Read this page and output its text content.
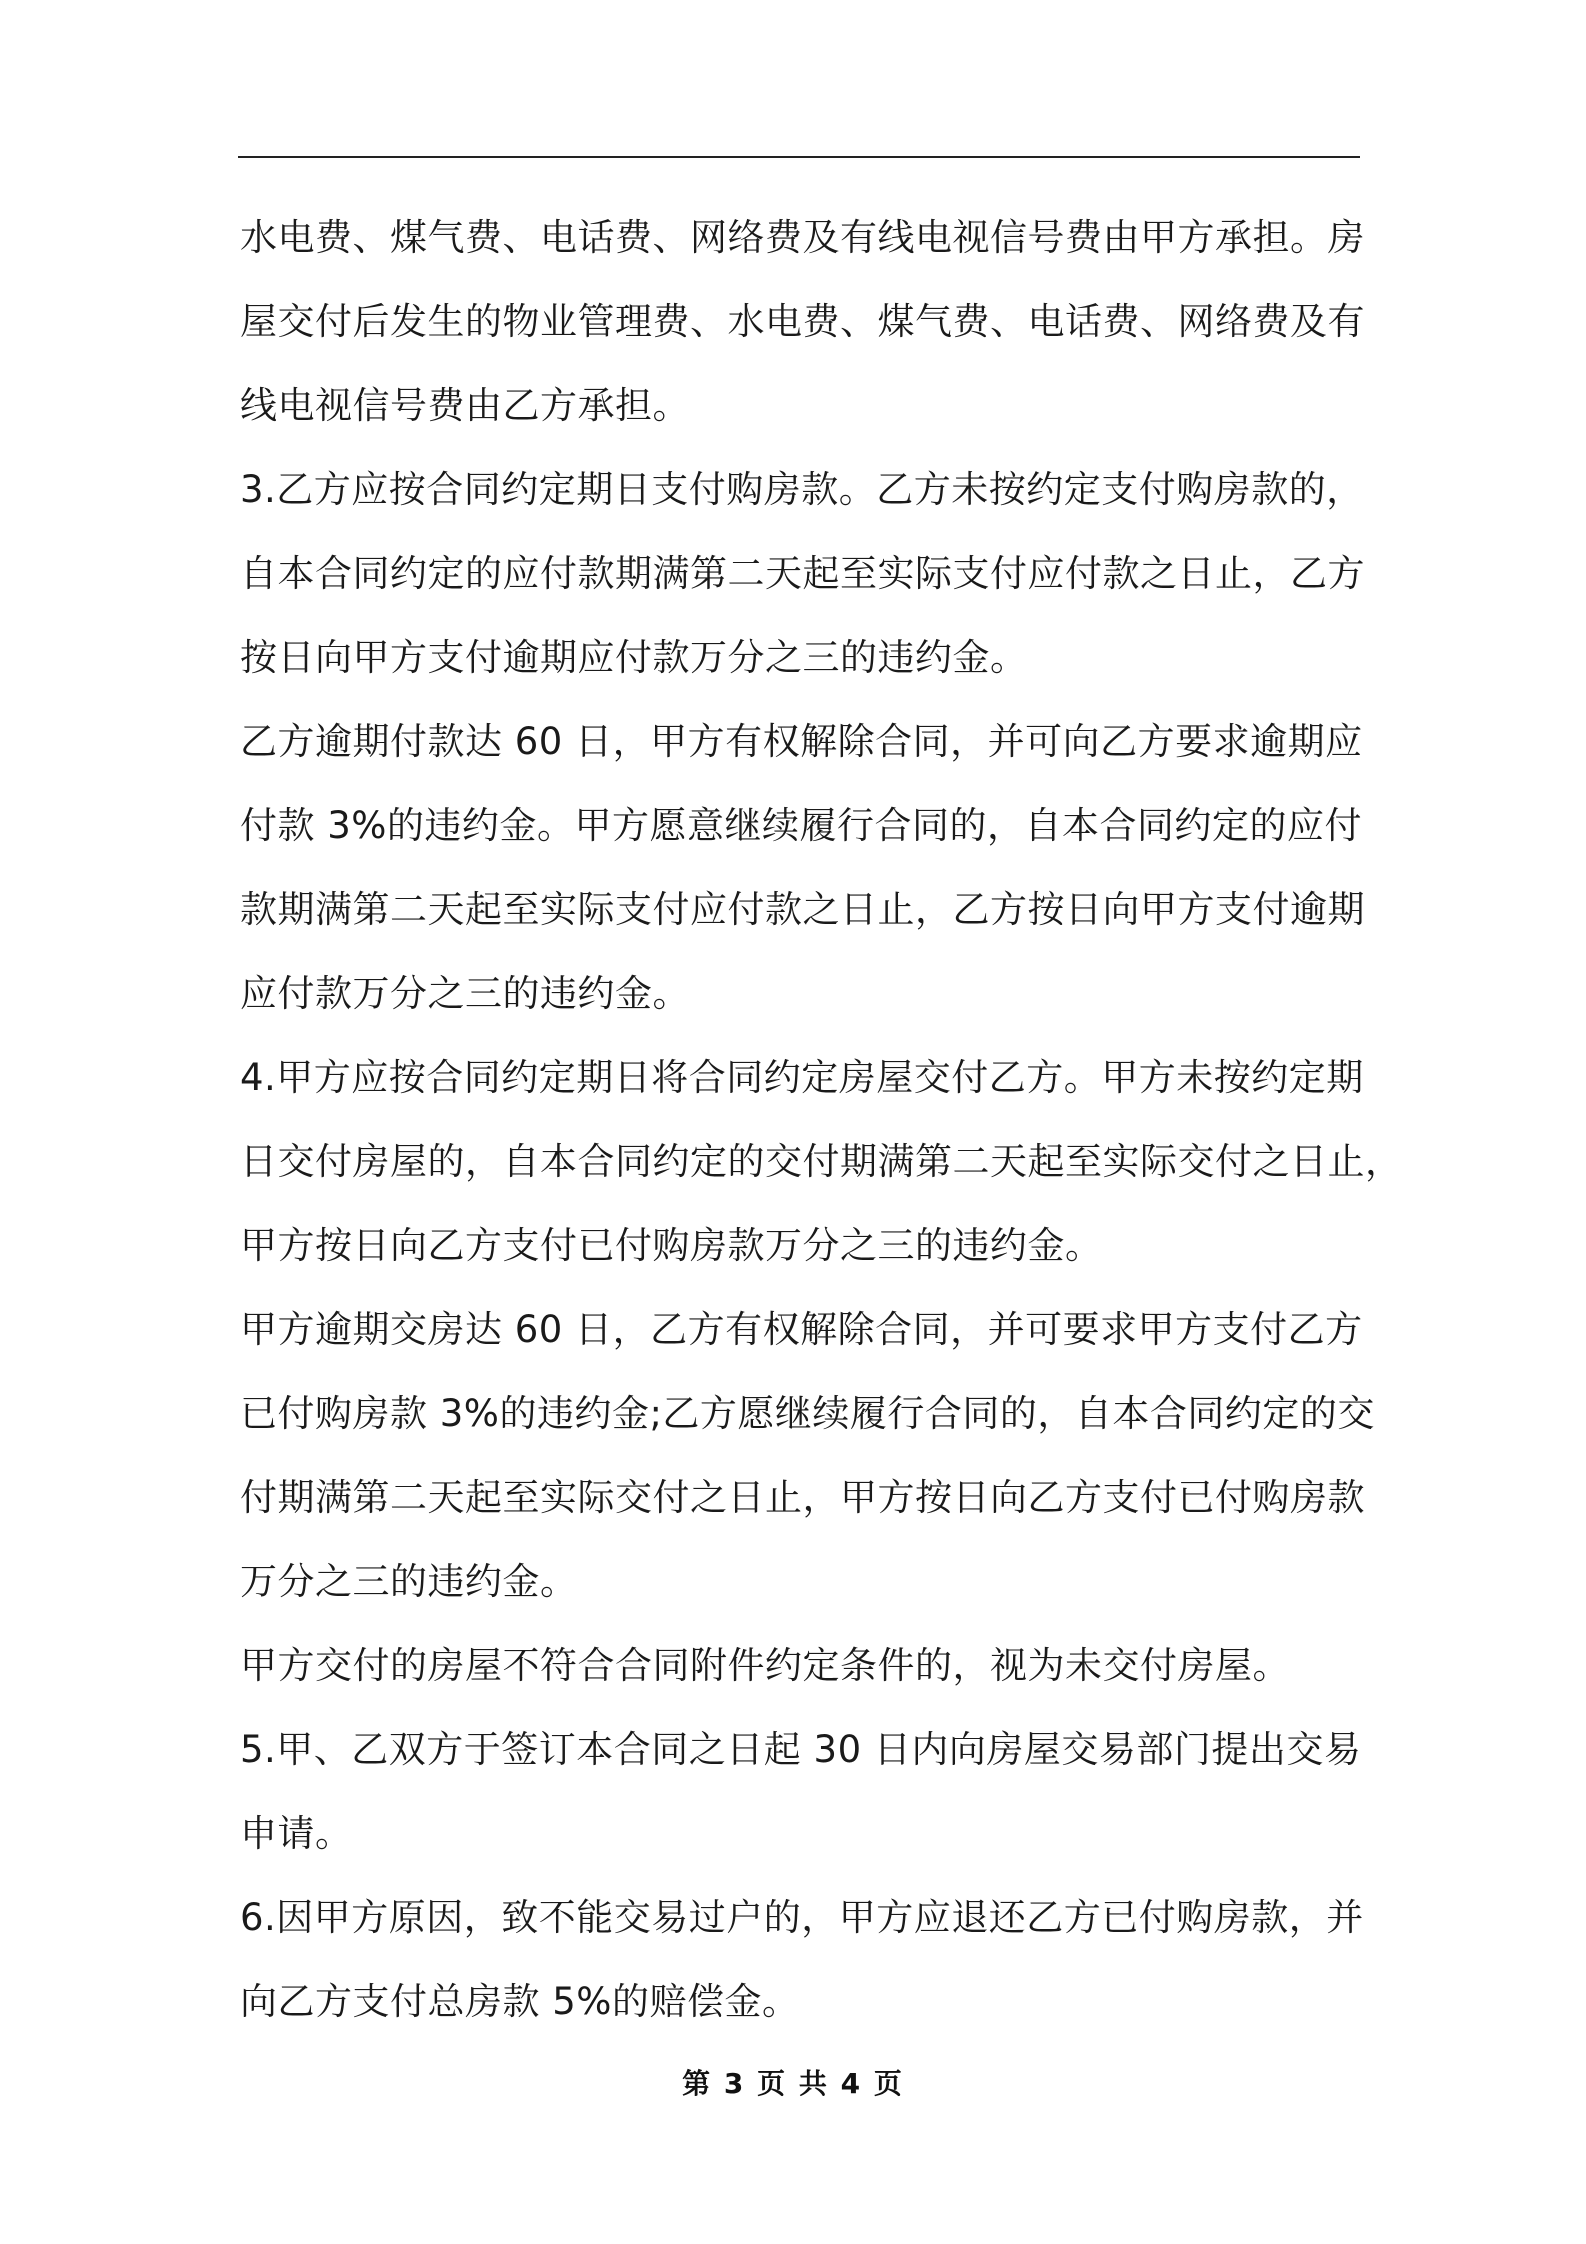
水电费、煤气费、电话费、网络费及有线电视信号费由甲方承担。房
屋交付后发生的物业管理费、水电费、煤气费、电话费、网络费及有
线电视信号费由乙方承担。
3.乙方应按合同约定期日支付购房款。乙方未按约定支付购房款的，
自本合同约定的应付款期满第二天起至实际支付应付款之日止，乙方
按日向甲方支付逾期应付款万分之三的违约金。
乙方逾期付款达 60 日，甲方有权解除合同，并可向乙方要求逾期应
付款 3%的违约金。甲方愿意继续履行合同的，自本合同约定的应付
款期满第二天起至实际支付应付款之日止，乙方按日向甲方支付逾期
应付款万分之三的违约金。
4.甲方应按合同约定期日将合同约定房屋交付乙方。甲方未按约定期
日交付房屋的，自本合同约定的交付期满第二天起至实际交付之日止，
甲方按日向乙方支付已付购房款万分之三的违约金。
甲方逾期交房达 60 日，乙方有权解除合同，并可要求甲方支付乙方
已付购房款 3%的违约金;乙方愿继续履行合同的，自本合同约定的交
付期满第二天起至实际交付之日止，甲方按日向乙方支付已付购房款
万分之三的违约金。
甲方交付的房屋不符合合同附件约定条件的，视为未交付房屋。
5.甲、乙双方于签订本合同之日起 30 日内向房屋交易部门提出交易
申请。
6.因甲方原因，致不能交易过户的，甲方应退还乙方已付购房款，并
向乙方支付总房款 5%的赔偿金。
第 3 页 共 4 页
